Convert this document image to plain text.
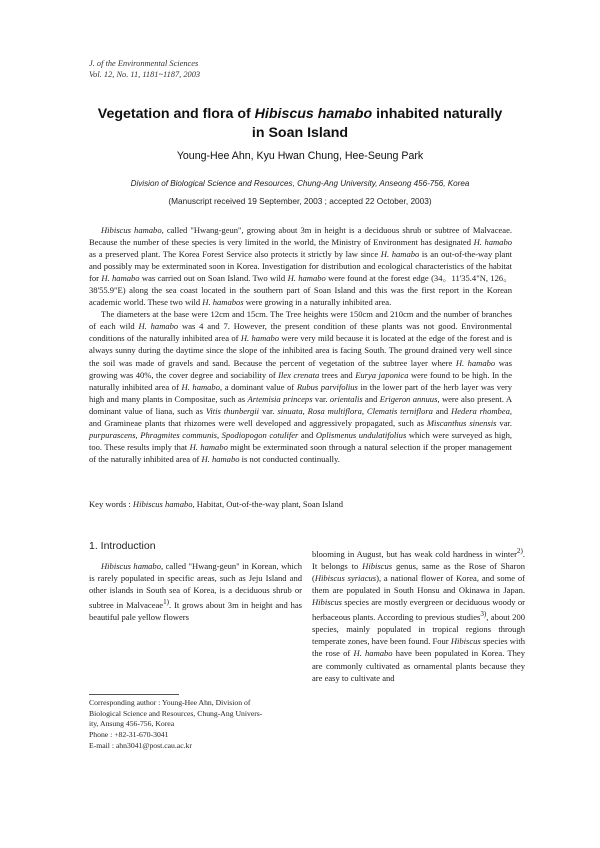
J. of the Environmental Sciences
Vol. 12, No. 11, 1181~1187, 2003
Vegetation and flora of Hibiscus hamabo inhabited naturally
in Soan Island
Young-Hee Ahn, Kyu Hwan Chung, Hee-Seung Park
Division of Biological Science and Resources, Chung-Ang University, Anseong 456-756, Korea
(Manuscript received 19 September, 2003 ; accepted 22 October, 2003)

Hibiscus hamabo, called "Hwang-geun", growing about 3m in height is a deciduous shrub or subtree of Malvaceae. Because the number of these species is very limited in the world, the Ministry of Environment has designated H. hamabo as a preserved plant. The Korea Forest Service also protects it strictly by law since H. hamabo is an out-of-the-way plant and possibly may be exterminated soon in Korea. Investigation for distribution and ecological characteristics of the habitat for H. hamabo was carried out on Soan Island. Two wild H. hamabo were found at the forest edge (34。11'35.4"N, 126。38'55.9"E) along the sea coast located in the southern part of Soan Island and this was the first report in the Korean academic world. These two wild H. hamabos were growing in a naturally inhibited area.

The diameters at the base were 12cm and 15cm. The Tree heights were 150cm and 210cm and the number of branches of each wild H. hamabo was 4 and 7. However, the present condition of these plants was not good. Environmental conditions of the naturally inhibited area of H. hamabo were very mild because it is located at the edge of the forest and is always sunny during the daytime since the slope of the inhibited area is facing South. The ground drained very well since the soil was made of gravels and sand. Because the percent of vegetation of the subtree layer where H. hamabo was growing was 40%, the cover degree and sociability of Ilex crenata trees and Eurya japonica were found to be high. In the naturally inhibited area of H. hamabo, a dominant value of Rubus parvifolius in the lower part of the herb layer was very high and many plants in Compositae, such as Artemisia princeps var. orientalis and Erigeron annuus, were also present. A dominant value of liana, such as Vitis thunbergii var. sinuata, Rosa multiflora, Clematis terniflora and Hedera rhombea, and Gramineae plants that rhizomes were well developed and aggressively propagated, such as Miscanthus sinensis var. purpurascens, Phragmites communis, Spodiopogon cotulifer and Oplismenus undulatifolius which were surveyed as high, too. These results imply that H. hamabo might be exterminated soon through a natural selection if the proper management of the naturally inhibited area of H. hamabo is not conducted continually.

Key words : Hibiscus hamabo, Habitat, Out-of-the-way plant, Soan Island
1. Introduction

Hibiscus hamabo, called "Hwang-geun" in Korean, which is rarely populated in specific areas, such as Jeju Island and other islands in South sea of Korea, is a deciduous shrub or subtree in Malvaceae$^{1)}$. It grows about 3m in height and has beautiful pale yellow flowers

blooming in August, but has weak cold hardness in winter$^{2)}$. It belongs to Hibiscus genus, same as the Rose of Sharon (Hibiscus syriacus), a national flower of Korea, and some of them are populated in South Honsu and Okinawa in Japan. Hibiscus species are mostly evergreen or deciduous woody or herbaceous plants. According to previous studies$^{3)}$, about 200 species, mainly populated in tropical regions through temperate zones, have been found. Four Hibiscus species with the rose of H. hamabo have been populated in Korea. They are commonly cultivated as ornamental plants because they are easy to cultivate and

Corresponding author : Young-Hee Ahn, Division of
Biological Science and Resources, Chung-Ang Univers-
ity, Ansung 456-756, Korea
Phone : +82-31-670-3041
E-mail : ahn3041@post.cau.ac.kr
